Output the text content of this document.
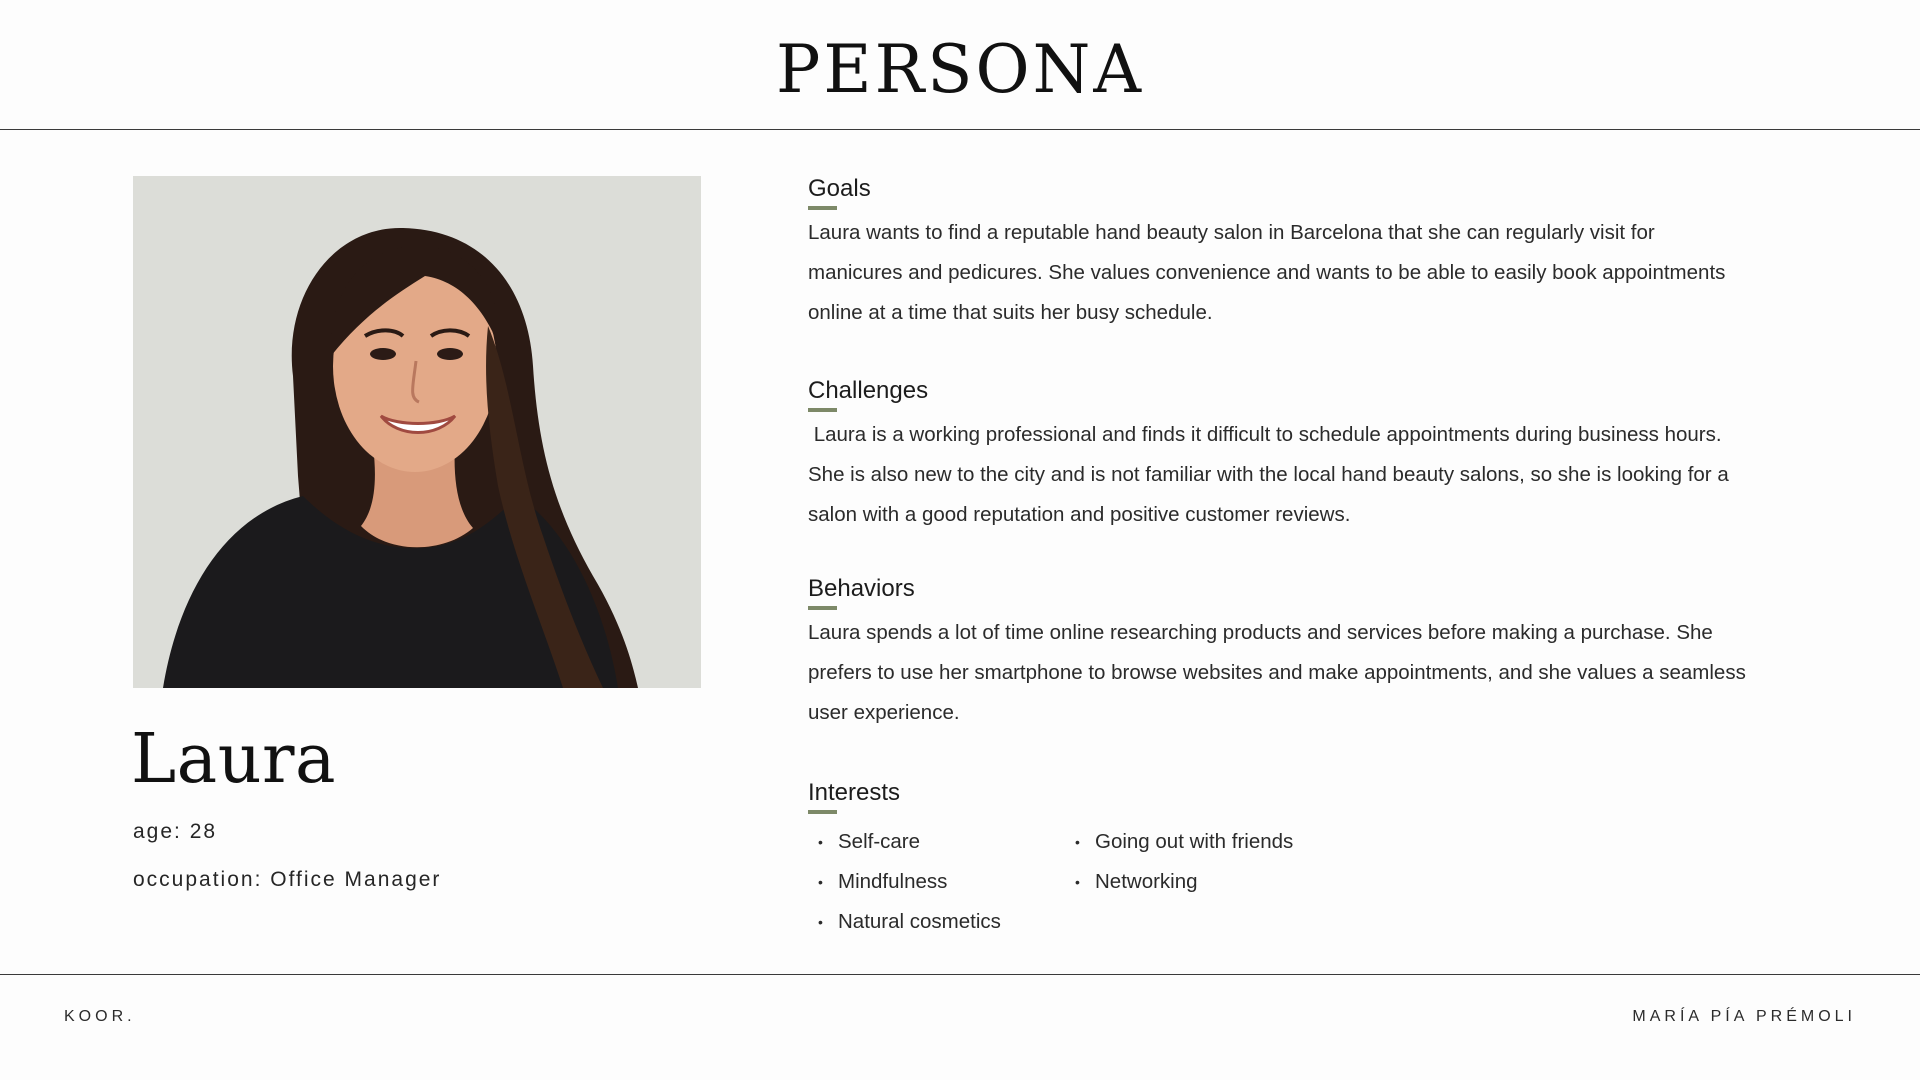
PERSONA
Laura
age: 28
occupation: Office Manager
Goals
Laura wants to find a reputable hand beauty salon in Barcelona that she can regularly visit for manicures and pedicures. She values convenience and wants to be able to easily book appointments online at a time that suits her busy schedule.
Challenges
Laura is a working professional and finds it difficult to schedule appointments during business hours. She is also new to the city and is not familiar with the local hand beauty salons, so she is looking for a salon with a good reputation and positive customer reviews.
Behaviors
Laura spends a lot of time online researching products and services before making a purchase. She prefers to use her smartphone to browse websites and make appointments, and she values a seamless user experience.
Interests
• Self-care
• Mindfulness
• Natural cosmetics
• Going out with friends
• Networking
KOOR.	MARÍA PÍA PRÉMOLI
